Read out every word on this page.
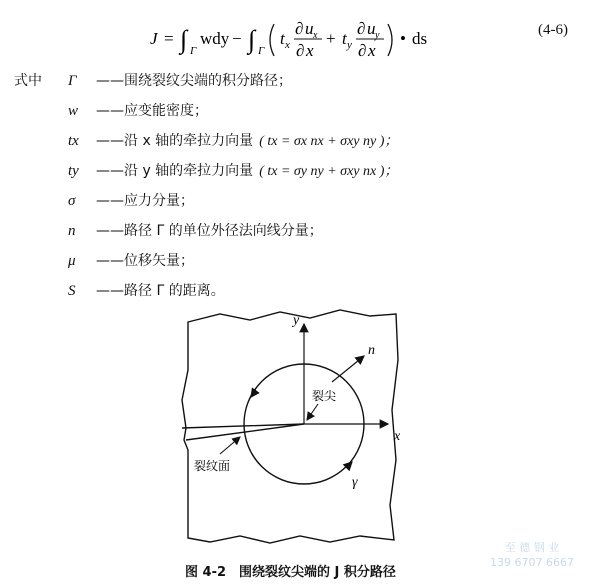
J = ∫ Γ
wdy − ∫ Γ
t x
∂ u x
∂ x
+ t y
∂ u y
∂ x
• ds	(4-6)
式中 Γ ——围绕裂纹尖端的积分路径；
w ——应变能密度；
tx ——沿 x 轴的牵拉力向量 ( tx = σx nx + σxy ny )；
ty ——沿 y 轴的牵拉力向量 ( tx = σy ny + σxy nx )；
σ ——应力分量；
n ——路径 Γ 的单位外径法向线分量；
μ ——位移矢量；
S ——路径 Γ 的距离。
y
x
n
裂尖
裂纹面
γ
图 4-2　围绕裂纹尖端的 J 积分路径
至 德 钢 业
139 6707 6667
